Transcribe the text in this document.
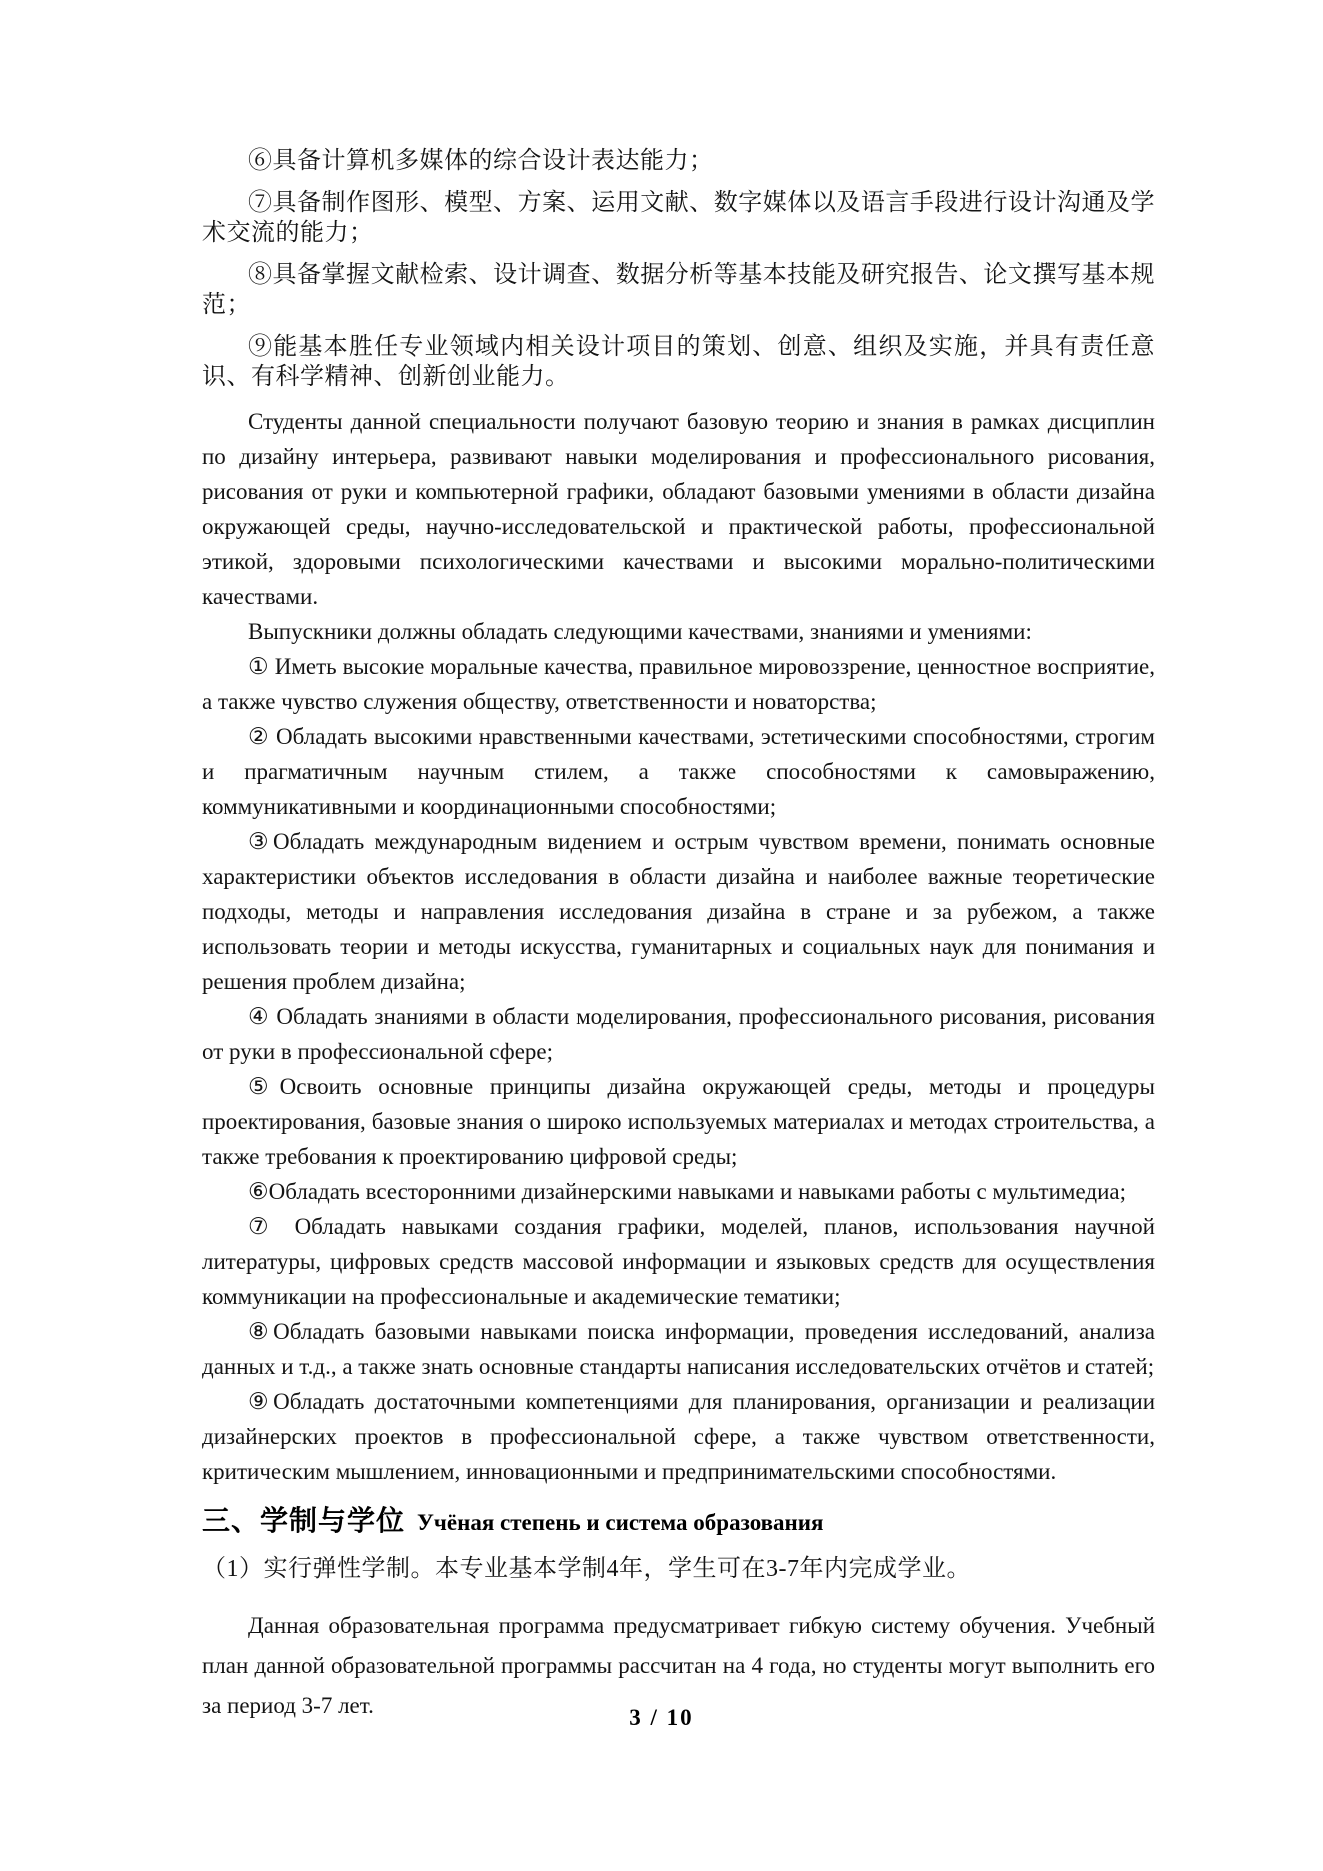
⑥具备计算机多媒体的综合设计表达能力；

⑦具备制作图形、模型、方案、运用文献、数字媒体以及语言手段进行设计沟通及学术交流的能力；

⑧具备掌握文献检索、设计调查、数据分析等基本技能及研究报告、论文撰写基本规范；

⑨能基本胜任专业领域内相关设计项目的策划、创意、组织及实施，并具有责任意识、有科学精神、创新创业能力。

Студенты данной специальности получают базовую теорию и знания в рамках дисциплин по дизайну интерьера, развивают навыки моделирования и профессионального рисования, рисования от руки и компьютерной графики, обладают базовыми умениями в области дизайна окружающей среды, научно-исследовательской и практической работы, профессиональной этикой, здоровыми психологическими качествами и высокими морально-политическими качествами.

Выпускники должны обладать следующими качествами, знаниями и умениями:

① Иметь высокие моральные качества, правильное мировоззрение, ценностное восприятие, а также чувство служения обществу, ответственности и новаторства;

② Обладать высокими нравственными качествами, эстетическими способностями, строгим и прагматичным научным стилем, а также способностями к самовыражению, коммуникативными и координационными способностями;

③Обладать международным видением и острым чувством времени, понимать основные характеристики объектов исследования в области дизайна и наиболее важные теоретические подходы, методы и направления исследования дизайна в стране и за рубежом, а также использовать теории и методы искусства, гуманитарных и социальных наук для понимания и решения проблем дизайна;

④ Обладать знаниями в области моделирования, профессионального рисования, рисования от руки в профессиональной сфере;

⑤Освоить основные принципы дизайна окружающей среды, методы и процедуры проектирования, базовые знания о широко используемых материалах и методах строительства, а также требования к проектированию цифровой среды;

⑥Обладать всесторонними дизайнерскими навыками и навыками работы с мультимедиа;

⑦ Обладать навыками создания графики, моделей, планов, использования научной литературы, цифровых средств массовой информации и языковых средств для осуществления коммуникации на профессиональные и академические тематики;

⑧Обладать базовыми навыками поиска информации, проведения исследований, анализа данных и т.д., а также знать основные стандарты написания исследовательских отчётов и статей;

⑨Обладать достаточными компетенциями для планирования, организации и реализации дизайнерских проектов в профессиональной сфере, а также чувством ответственности, критическим мышлением, инновационными и предпринимательскими способностями.

三、学制与学位 Учёная степень и система образования

（1）实行弹性学制。本专业基本学制4年，学生可在3-7年内完成学业。

Данная образовательная программа предусматривает гибкую систему обучения. Учебный план данной образовательной программы рассчитан на 4 года, но студенты могут выполнить его за период 3-7 лет.	3 / 10
